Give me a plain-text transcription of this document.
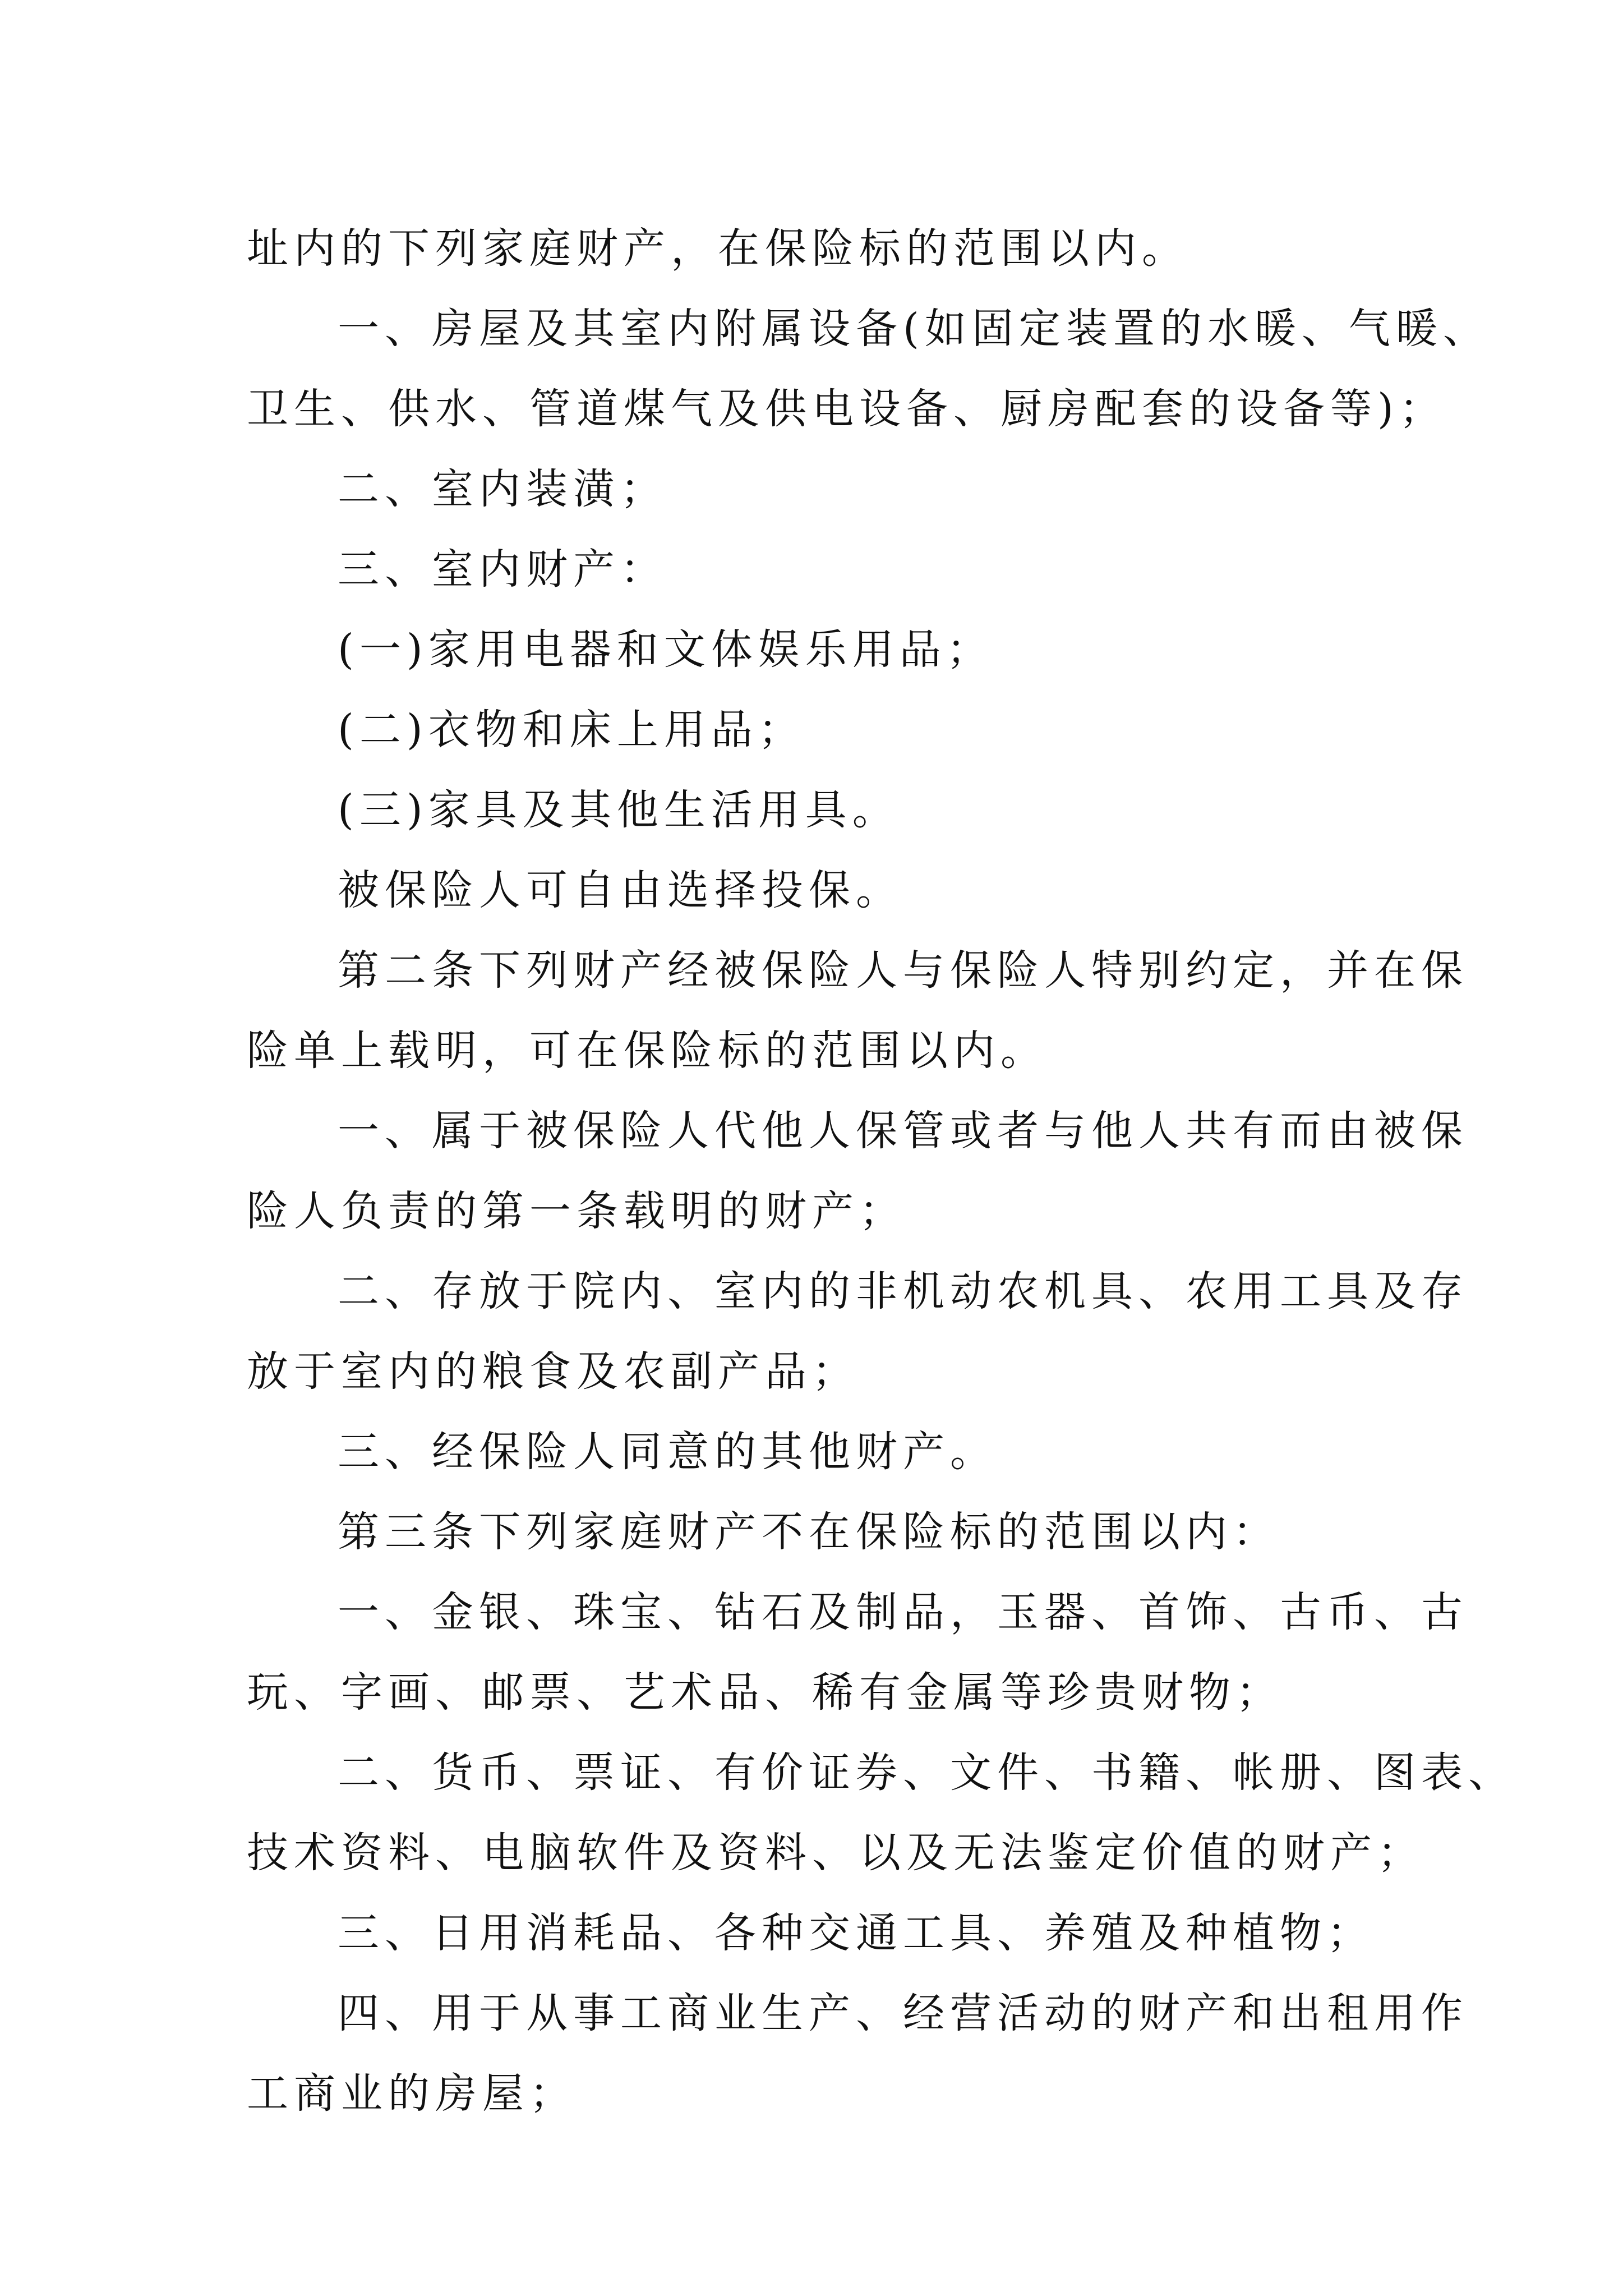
址内的下列家庭财产，在保险标的范围以内。
一、房屋及其室内附属设备(如固定装置的水暖、气暖、
卫生、供水、管道煤气及供电设备、厨房配套的设备等)；
二、室内装潢；
三、室内财产：
(一)家用电器和文体娱乐用品；
(二)衣物和床上用品；
(三)家具及其他生活用具。
被保险人可自由选择投保。
第二条下列财产经被保险人与保险人特别约定，并在保
险单上载明，可在保险标的范围以内。
一、属于被保险人代他人保管或者与他人共有而由被保
险人负责的第一条载明的财产；
二、存放于院内、室内的非机动农机具、农用工具及存
放于室内的粮食及农副产品；
三、经保险人同意的其他财产。
第三条下列家庭财产不在保险标的范围以内：
一、金银、珠宝、钻石及制品，玉器、首饰、古币、古
玩、字画、邮票、艺术品、稀有金属等珍贵财物；
二、货币、票证、有价证券、文件、书籍、帐册、图表、
技术资料、电脑软件及资料、以及无法鉴定价值的财产；
三、日用消耗品、各种交通工具、养殖及种植物；
四、用于从事工商业生产、经营活动的财产和出租用作
工商业的房屋；
